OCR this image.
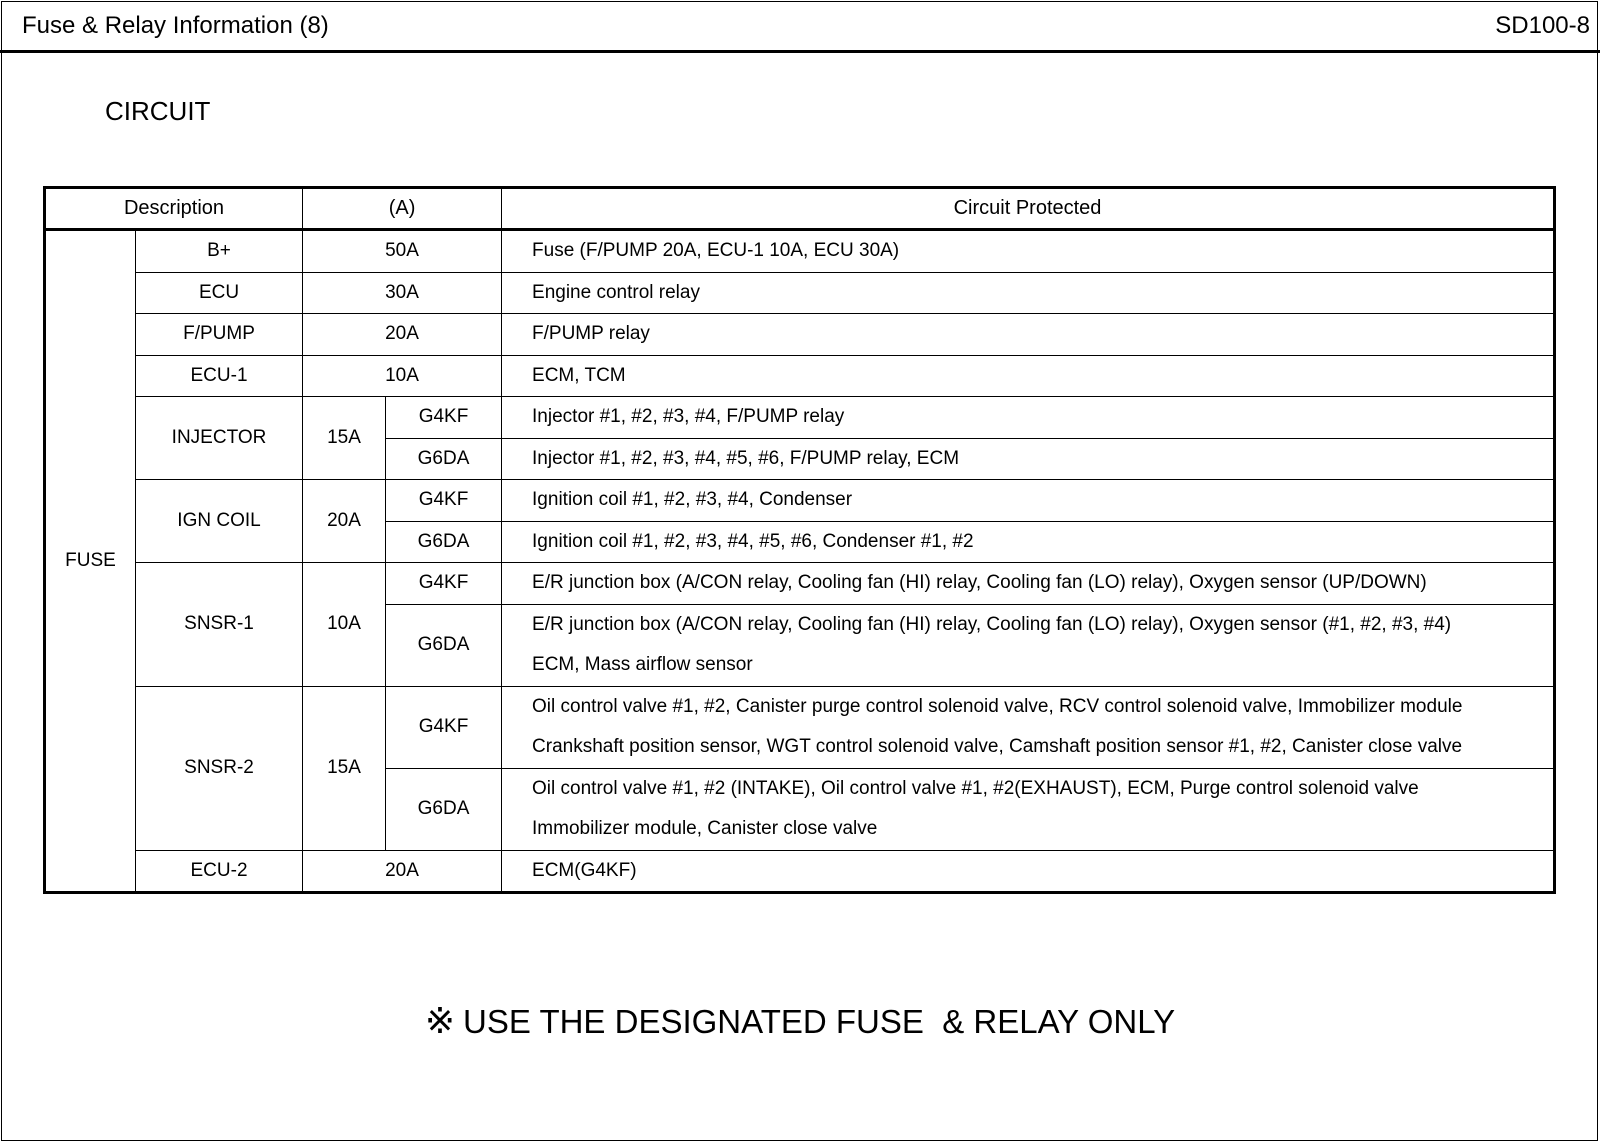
Fuse & Relay Information (8)	SD100-8
CIRCUIT
Description		(A)		Circuit Protected
FUSE	B+	50A		Fuse (F/PUMP 20A, ECU-1 10A, ECU 30A)
	ECU	30A		Engine control relay
	F/PUMP	20A		F/PUMP relay
	ECU-1	10A		ECM, TCM
	INJECTOR	15A	G4KF	Injector #1, #2, #3, #4, F/PUMP relay
			G6DA	Injector #1, #2, #3, #4, #5, #6, F/PUMP relay, ECM
	IGN COIL	20A	G4KF	Ignition coil #1, #2, #3, #4, Condenser
			G6DA	Ignition coil #1, #2, #3, #4, #5, #6, Condenser #1, #2
	SNSR-1	10A	G4KF	E/R junction box (A/CON relay, Cooling fan (HI) relay, Cooling fan (LO) relay), Oxygen sensor (UP/DOWN)
			G6DA	E/R junction box (A/CON relay, Cooling fan (HI) relay, Cooling fan (LO) relay), Oxygen sensor (#1, #2, #3, #4)
				ECM, Mass airflow sensor
	SNSR-2	15A	G4KF	Oil control valve #1, #2, Canister purge control solenoid valve, RCV control solenoid valve, Immobilizer module
				Crankshaft position sensor, WGT control solenoid valve, Camshaft position sensor #1, #2, Canister close valve
			G6DA	Oil control valve #1, #2 (INTAKE), Oil control valve #1, #2(EXHAUST), ECM, Purge control solenoid valve
				Immobilizer module, Canister close valve
	ECU-2	20A		ECM(G4KF)
※ USE THE DESIGNATED FUSE  & RELAY ONLY
